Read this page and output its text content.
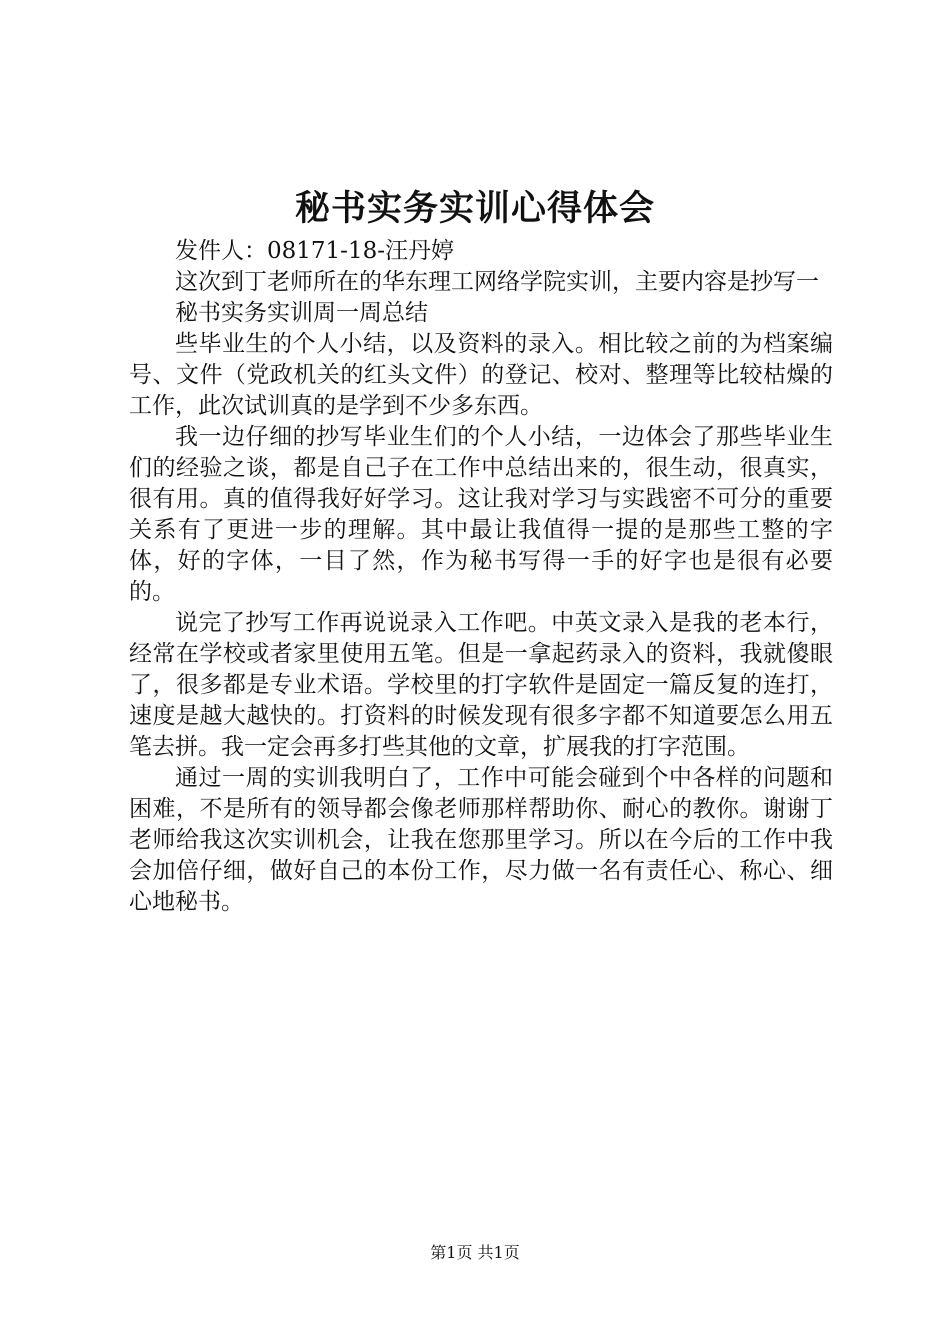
秘书实务实训心得体会

发件人：08171-18-汪丹婷

这次到丁老师所在的华东理工网络学院实训，主要内容是抄写一

秘书实务实训周一周总结

些毕业生的个人小结，以及资料的录入。相比较之前的为档案编号、文件（党政机关的红头文件）的登记、校对、整理等比较枯燥的工作，此次试训真的是学到不少多东西。

我一边仔细的抄写毕业生们的个人小结，一边体会了那些毕业生们的经验之谈，都是自己子在工作中总结出来的，很生动，很真实，很有用。真的值得我好好学习。这让我对学习与实践密不可分的重要关系有了更进一步的理解。其中最让我值得一提的是那些工整的字体，好的字体，一目了然，作为秘书写得一手的好字也是很有必要的。

说完了抄写工作再说说录入工作吧。中英文录入是我的老本行，经常在学校或者家里使用五笔。但是一拿起药录入的资料，我就傻眼了，很多都是专业术语。学校里的打字软件是固定一篇反复的连打，速度是越大越快的。打资料的时候发现有很多字都不知道要怎么用五笔去拼。我一定会再多打些其他的文章，扩展我的打字范围。

通过一周的实训我明白了，工作中可能会碰到个中各样的问题和困难，不是所有的领导都会像老师那样帮助你、耐心的教你。谢谢丁老师给我这次实训机会，让我在您那里学习。所以在今后的工作中我会加倍仔细，做好自己的本份工作，尽力做一名有责任心、称心、细心地秘书。

第1页 共1页
